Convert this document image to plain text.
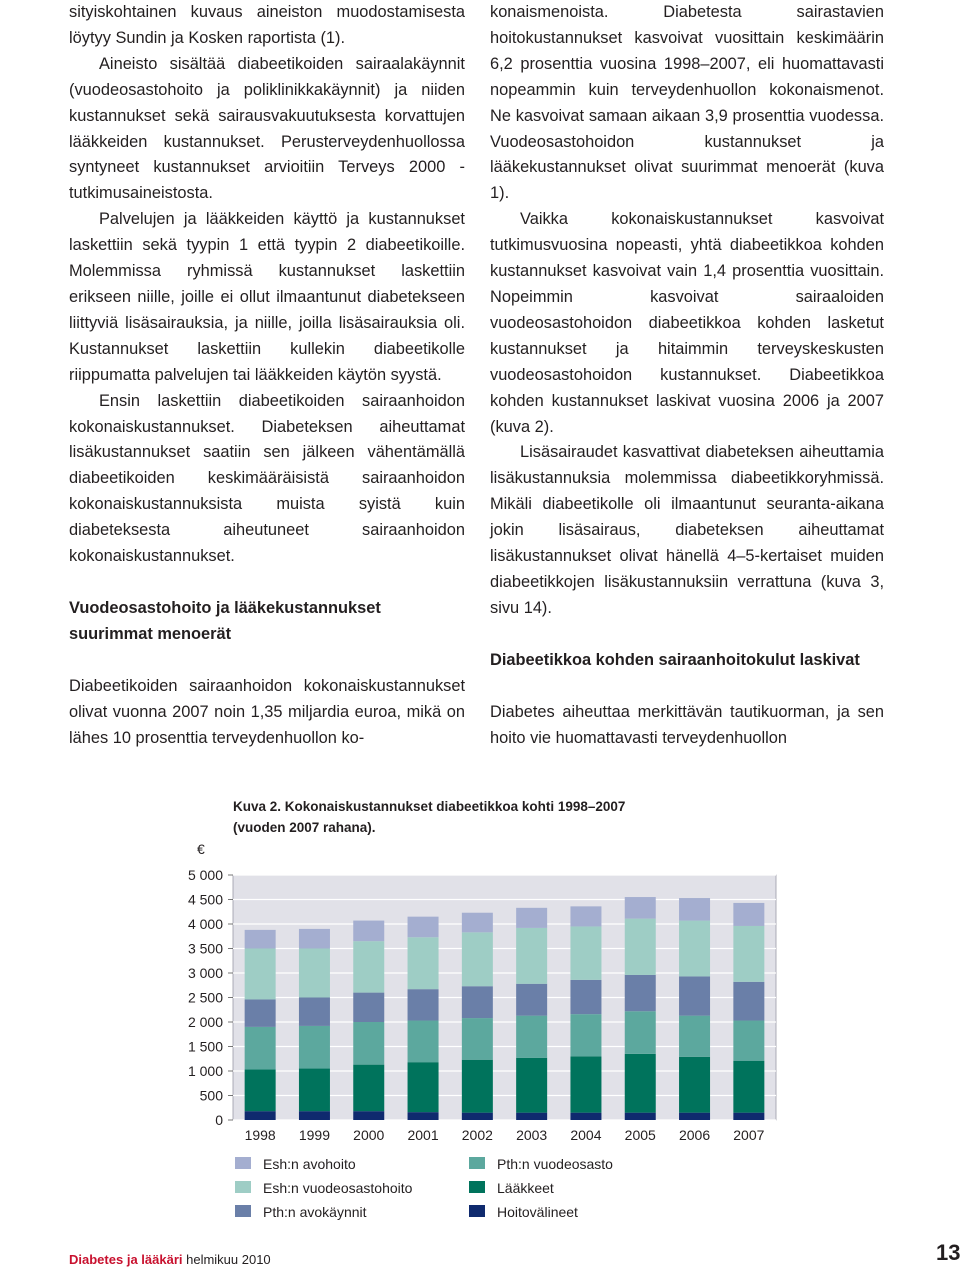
sityiskohtainen kuvaus aineiston muodostamisesta löytyy Sundin ja Kosken raportista (1).

Aineisto sisältää diabeetikoiden sairaalakäynnit (vuodeosastohoito ja poliklinikkakäynnit) ja niiden kustannukset sekä sairausvakuutuksesta korvattujen lääkkeiden kustannukset. Perusterveydenhuollossa syntyneet kustannukset arvioitiin Terveys 2000 -tutkimusaineistosta.

Palvelujen ja lääkkeiden käyttö ja kustannukset laskettiin sekä tyypin 1 että tyypin 2 diabeetikoille. Molemmissa ryhmissä kustannukset laskettiin erikseen niille, joille ei ollut ilmaantunut diabetekseen liittyviä lisäsairauksia, ja niille, joilla lisäsairauksia oli. Kustannukset laskettiin kullekin diabeetikolle riippumatta palvelujen tai lääkkeiden käytön syystä.

Ensin laskettiin diabeetikoiden sairaanhoidon kokonaiskustannukset. Diabeteksen aiheuttamat lisäkustannukset saatiin sen jälkeen vähentämällä diabeetikoiden keskimääräisistä sairaanhoidon kokonaiskustannuksista muista syistä kuin diabeteksesta aiheutuneet sairaanhoidon kokonaiskustannukset.

Vuodeosastohoito ja lääkekustannukset suurimmat menoerät

Diabeetikoiden sairaanhoidon kokonaiskustannukset olivat vuonna 2007 noin 1,35 miljardia euroa, mikä on lähes 10 prosenttia terveydenhuollon ko-

konaismenoista. Diabetesta sairastavien hoitokustannukset kasvoivat vuosittain keskimäärin 6,2 prosenttia vuosina 1998–2007, eli huomattavasti nopeammin kuin terveydenhuollon kokonaismenot. Ne kasvoivat samaan aikaan 3,9 prosenttia vuodessa. Vuodeosastohoidon kustannukset ja lääkekustannukset olivat suurimmat menoerät (kuva 1).

Vaikka kokonaiskustannukset kasvoivat tutkimusvuosina nopeasti, yhtä diabeetikkoa kohden kustannukset kasvoivat vain 1,4 prosenttia vuosittain. Nopeimmin kasvoivat sairaaloiden vuodeosastohoidon diabeetikkoa kohden lasketut kustannukset ja hitaimmin terveyskeskusten vuodeosastohoidon kustannukset. Diabeetikkoa kohden kustannukset laskivat vuosina 2006 ja 2007 (kuva 2).

Lisäsairaudet kasvattivat diabeteksen aiheuttamia lisäkustannuksia molemmissa diabeetikkoryhmissä. Mikäli diabeetikolle oli ilmaantunut seuranta-aikana jokin lisäsairaus, diabeteksen aiheuttamat lisäkustannukset olivat hänellä 4–5-kertaiset muiden diabeetikkojen lisäkustannuksiin verrattuna (kuva 3, sivu 14).

Diabeetikkoa kohden sairaanhoitokulut laskivat

Diabetes aiheuttaa merkittävän tautikuorman, ja sen hoito vie huomattavasti terveydenhuollon

Kuva 2. Kokonaiskustannukset diabeetikkoa kohti 1998–2007
(vuoden 2007 rahana).
€
0
500
1 000
1 500
2 000
2 500
3 000
3 500
4 000
4 500
5 000
1998 1999 2000 2001 2002 2003 2004 2005 2006 2007
Esh:n avohoito	Pth:n vuodeosasto
Esh:n vuodeosastohoito	Lääkkeet
Pth:n avokäynnit	Hoitovälineet
Diabetes ja lääkäri helmikuu 2010	13
